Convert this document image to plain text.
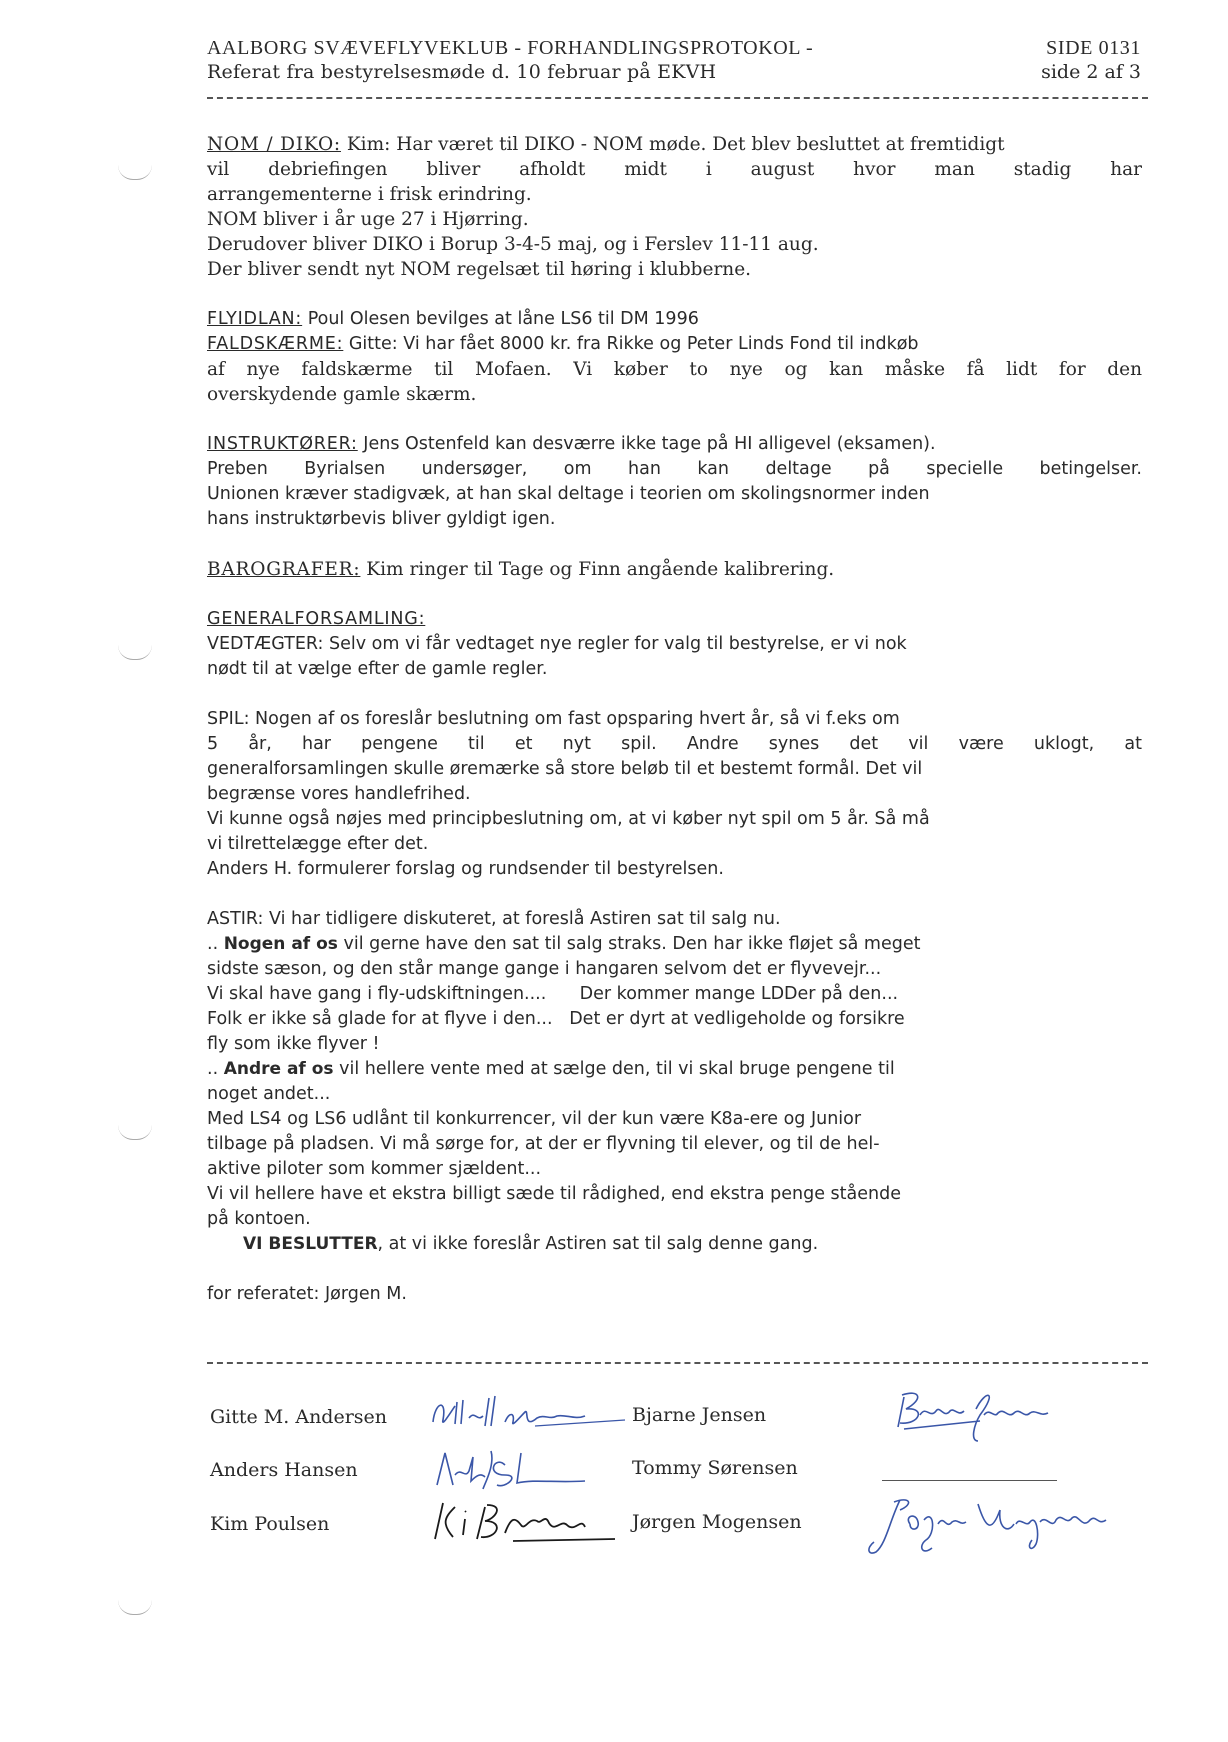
AALBORG SVÆVEFLYVEKLUB - FORHANDLINGSPROTOKOL -
Referat fra bestyrelsesmøde d. 10 februar på EKVH
SIDE 0131
side 2 af 3
NOM / DIKO: Kim: Har været til DIKO - NOM møde. Det blev besluttet at fremtidigt
vil debriefingen bliver afholdt midt i august hvor man stadig har
arrangementerne i frisk erindring.
NOM bliver i år uge 27 i Hjørring.
Derudover bliver DIKO i Borup 3-4-5 maj, og i Ferslev 11-11 aug.
Der bliver sendt nyt NOM regelsæt til høring i klubberne.
FLYIDLAN: Poul Olesen bevilges at låne LS6 til DM 1996
FALDSKÆRME: Gitte: Vi har fået 8000 kr. fra Rikke og Peter Linds Fond til indkøb
af nye faldskærme til Mofaen. Vi køber to nye og kan måske få lidt for den
overskydende gamle skærm.
INSTRUKTØRER: Jens Ostenfeld kan desværre ikke tage på HI alligevel (eksamen).
Preben Byrialsen undersøger, om han kan deltage på specielle betingelser.
Unionen kræver stadigvæk, at han skal deltage i teorien om skolingsnormer inden
hans instruktørbevis bliver gyldigt igen.
BAROGRAFER: Kim ringer til Tage og Finn angående kalibrering.
GENERALFORSAMLING:
VEDTÆGTER: Selv om vi får vedtaget nye regler for valg til bestyrelse, er vi nok
nødt til at vælge efter de gamle regler.
SPIL: Nogen af os foreslår beslutning om fast opsparing hvert år, så vi f.eks om
5 år, har pengene til et nyt spil. Andre synes det vil være uklogt, at
generalforsamlingen skulle øremærke så store beløb til et bestemt formål. Det vil
begrænse vores handlefrihed.
Vi kunne også nøjes med principbeslutning om, at vi køber nyt spil om 5 år. Så må
vi tilrettelægge efter det.
Anders H. formulerer forslag og rundsender til bestyrelsen.
ASTIR: Vi har tidligere diskuteret, at foreslå Astiren sat til salg nu.
.. Nogen af os vil gerne have den sat til salg straks. Den har ikke fløjet så meget
sidste sæson, og den står mange gange i hangaren selvom det er flyvevejr...
Vi skal have gang i fly-udskiftningen....      Der kommer mange LDDer på den...
Folk er ikke så glade for at flyve i den...   Det er dyrt at vedligeholde og forsikre
fly som ikke flyver !
.. Andre af os vil hellere vente med at sælge den, til vi skal bruge pengene til
noget andet...
Med LS4 og LS6 udlånt til konkurrencer, vil der kun være K8a-ere og Junior
tilbage på pladsen. Vi må sørge for, at der er flyvning til elever, og til de hel-
aktive piloter som kommer sjældent...
Vi vil hellere have et ekstra billigt sæde til rådighed, end ekstra penge stående
på kontoen.
VI BESLUTTER, at vi ikke foreslår Astiren sat til salg denne gang.
for referatet: Jørgen M.
Gitte M. Andersen	Bjarne Jensen
Anders Hansen	Tommy Sørensen
Kim Poulsen	Jørgen Mogensen
